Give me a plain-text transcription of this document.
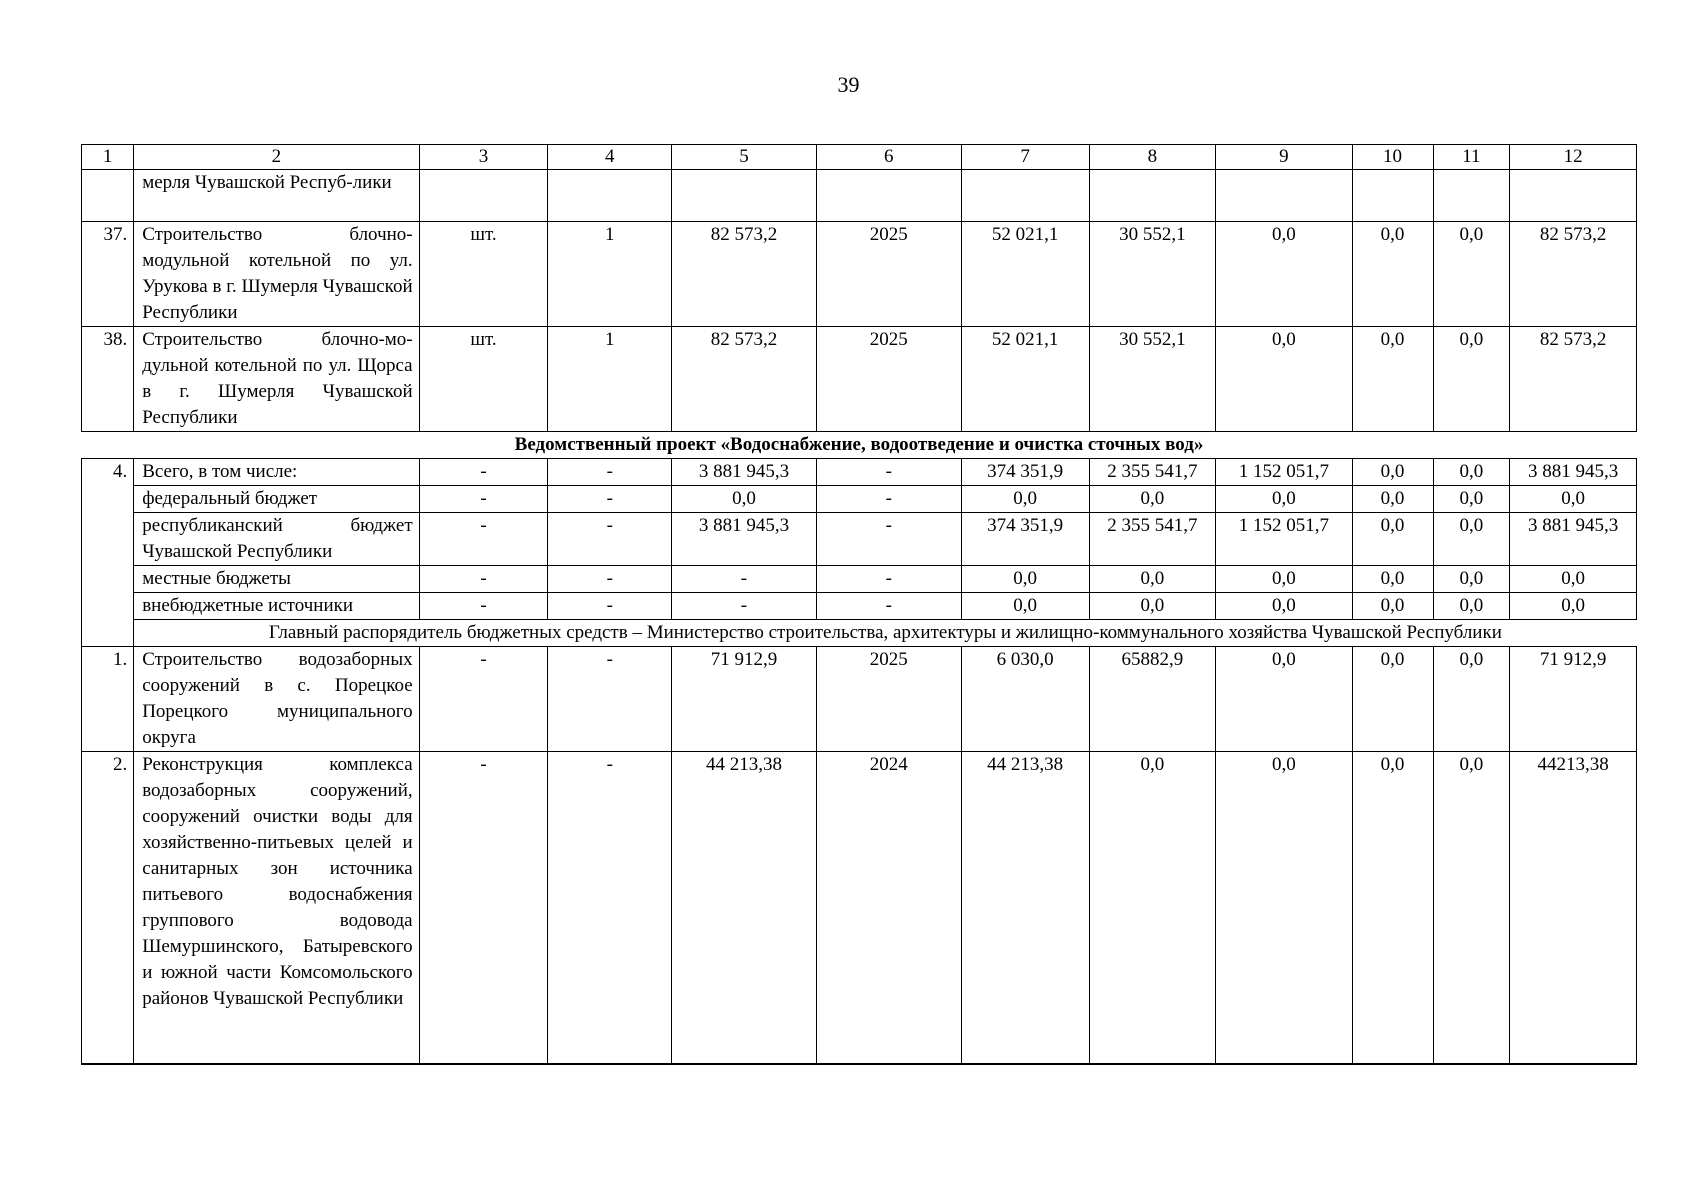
39
1	2	3	4	5	6	7	8	9	10	11	12
	мерля Чувашской Респуб-лики										
37.	Строительство блочно-модульной котельной по ул. Урукова в г. Шумерля Чувашской Республики	шт.	1	82 573,2	2025	52 021,1	30 552,1	0,0	0,0	0,0	82 573,2
38.	Строительство блочно-модульной котельной по ул. Щорса в г. Шумерля Чувашской Республики	шт.	1	82 573,2	2025	52 021,1	30 552,1	0,0	0,0	0,0	82 573,2
Ведомственный проект «Водоснабжение, водоотведение и очистка сточных вод»											
4.	Всего, в том числе:	-	-	3 881 945,3	-	374 351,9	2 355 541,7	1 152 051,7	0,0	0,0	3 881 945,3
	федеральный бюджет	-	-	0,0	-	0,0	0,0	0,0	0,0	0,0	0,0
	республиканский бюджет Чувашской Республики	-	-	3 881 945,3	-	374 351,9	2 355 541,7	1 152 051,7	0,0	0,0	3 881 945,3
	местные бюджеты	-	-	-	-	0,0	0,0	0,0	0,0	0,0	0,0
	внебюджетные источники	-	-	-	-	0,0	0,0	0,0	0,0	0,0	0,0
	Главный распорядитель бюджетных средств – Министерство строительства, архитектуры и жилищно-коммунального хозяйства Чувашской Республики										
1.	Строительство водозаборных сооружений в с. Порецкое Порецкого муниципального округа	-	-	71 912,9	2025	6 030,0	65882,9	0,0	0,0	0,0	71 912,9
2.	Реконструкция комплекса водозаборных сооружений, сооружений очистки воды для хозяйственно-питьевых целей и санитарных зон источника питьевого водоснабжения группового водовода Шемуршинского, Батыревского и южной части Комсомольского районов Чувашской Республики	-	-	44 213,38	2024	44 213,38	0,0	0,0	0,0	0,0	44213,38
